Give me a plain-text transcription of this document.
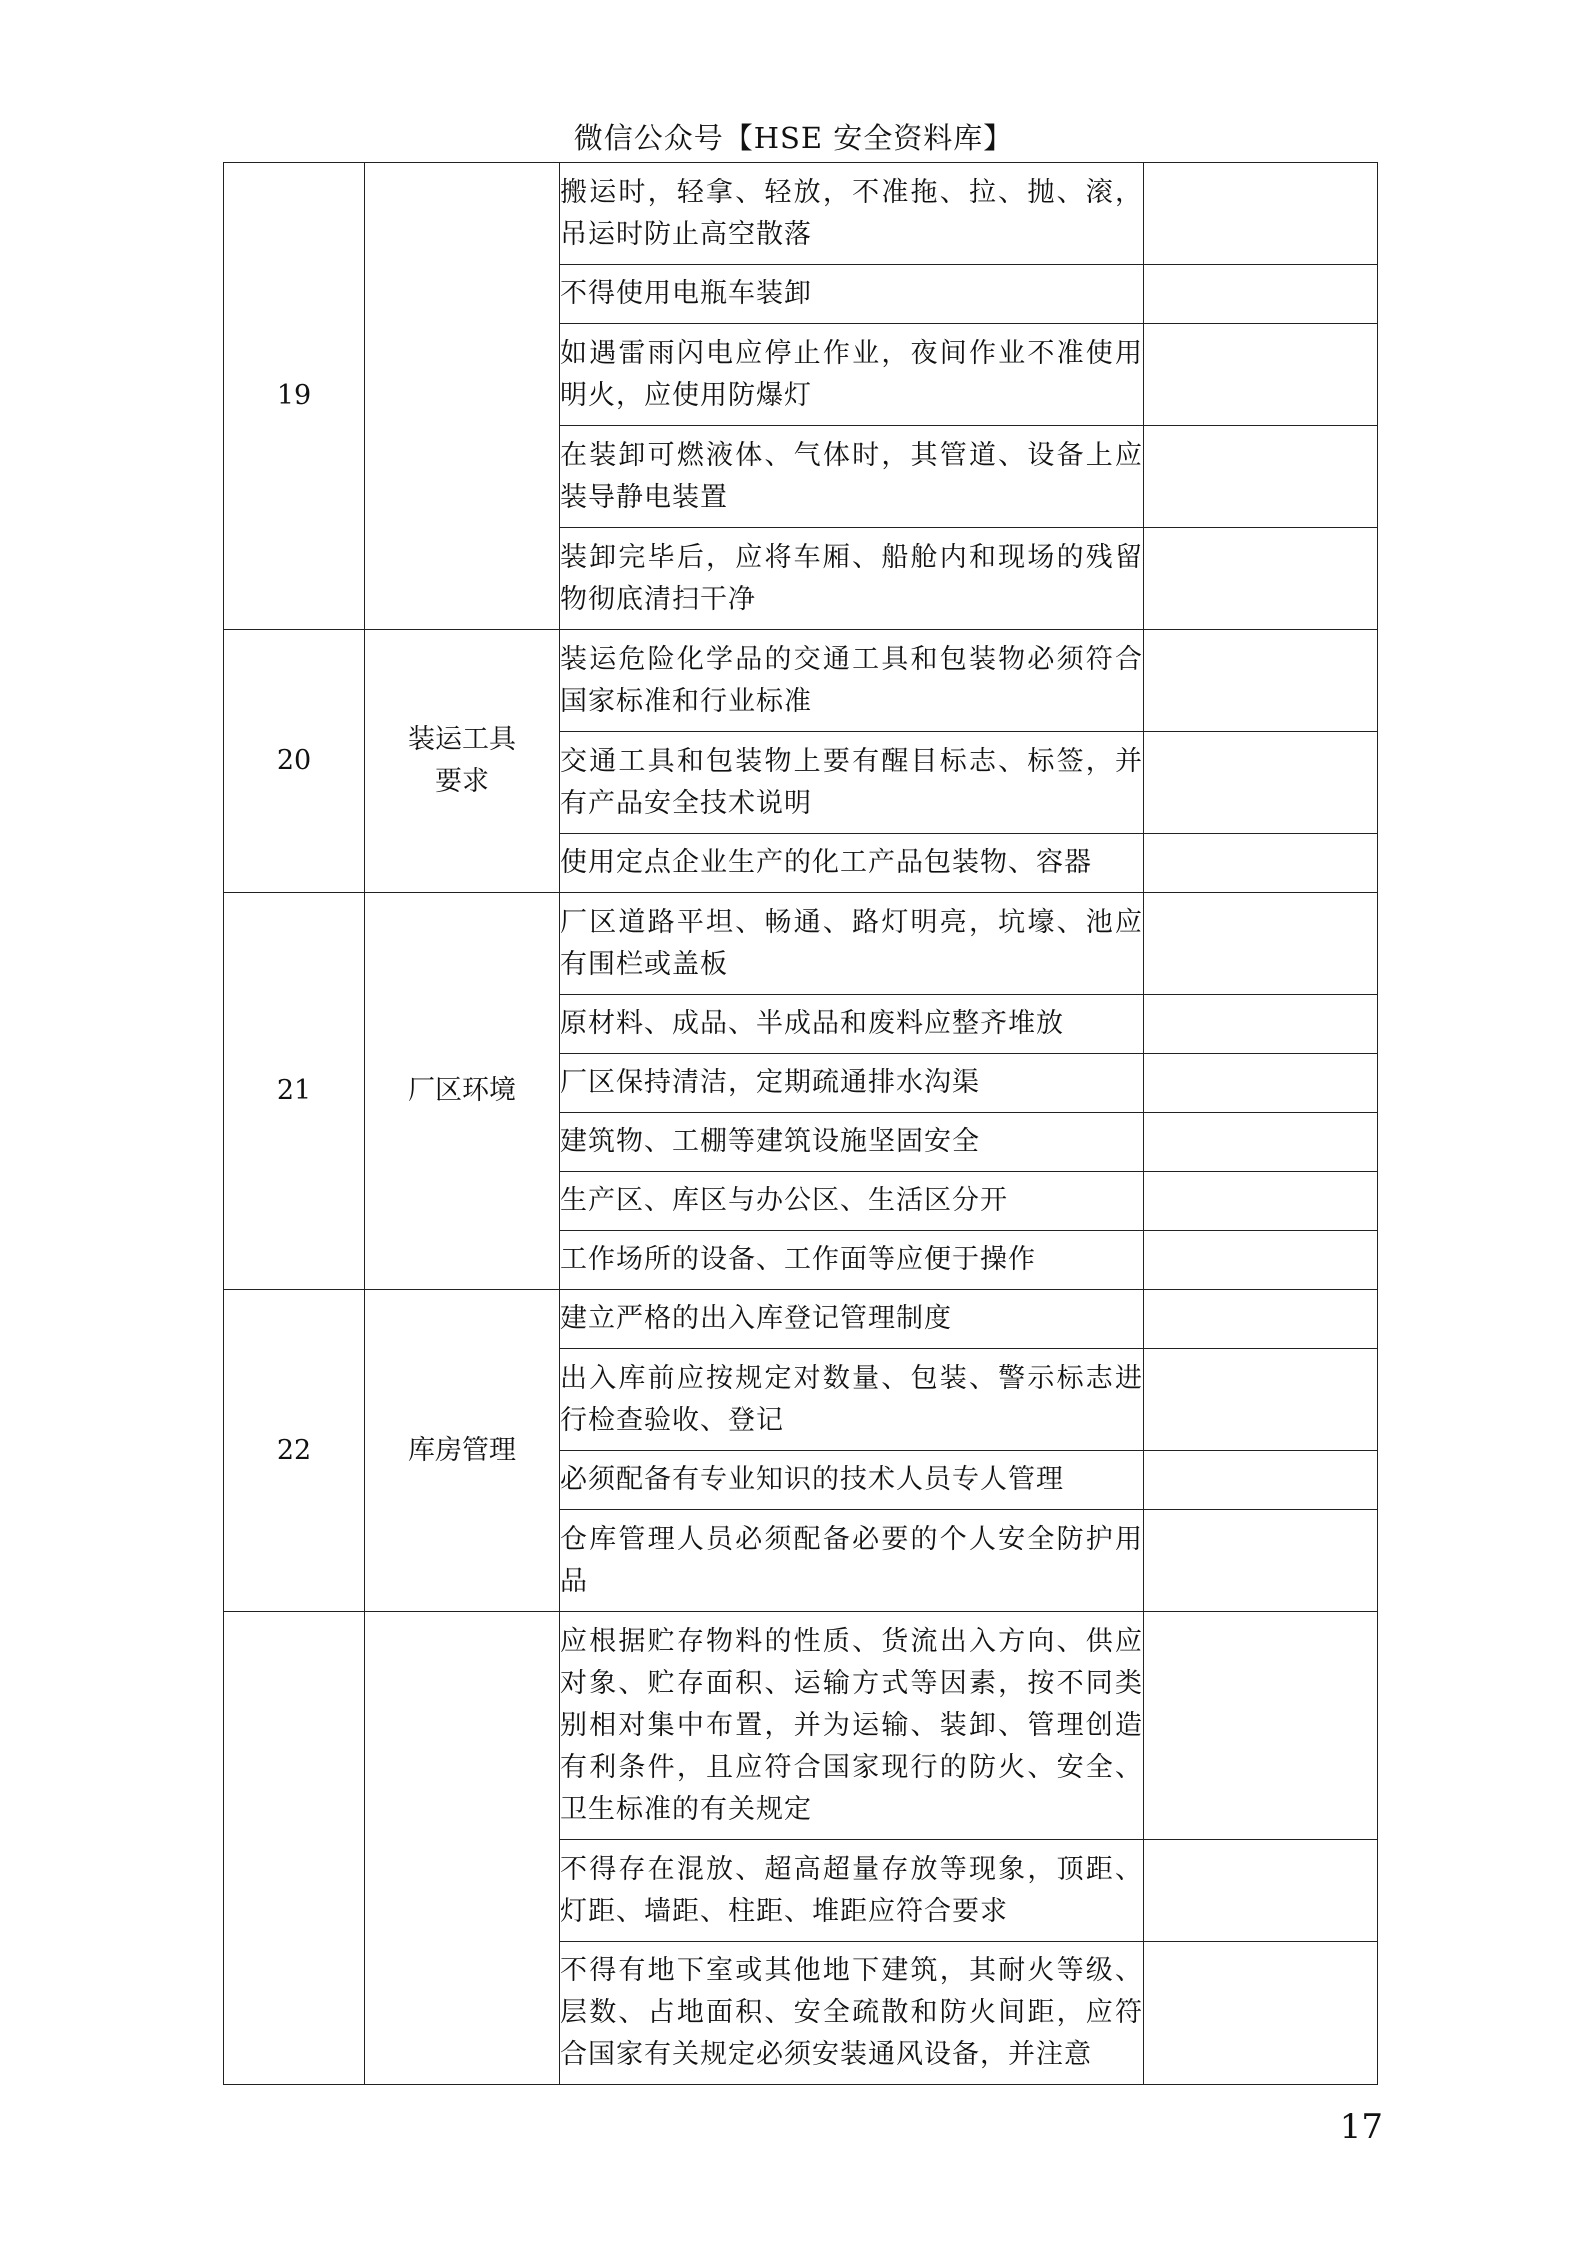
微信公众号【HSE 安全资料库】
19		搬运时，轻拿、轻放，不准拖、拉、抛、滚，吊运时防止高空散落	
		不得使用电瓶车装卸	
		如遇雷雨闪电应停止作业，夜间作业不准使用明火，应使用防爆灯	
		在装卸可燃液体、气体时，其管道、设备上应装导静电装置	
		装卸完毕后，应将车厢、船舱内和现场的残留物彻底清扫干净	
20	装运工具要求	装运危险化学品的交通工具和包装物必须符合国家标准和行业标准	
		交通工具和包装物上要有醒目标志、标签，并有产品安全技术说明	
		使用定点企业生产的化工产品包装物、容器	
21	厂区环境	厂区道路平坦、畅通、路灯明亮，坑壕、池应有围栏或盖板	
		原材料、成品、半成品和废料应整齐堆放	
		厂区保持清洁，定期疏通排水沟渠	
		建筑物、工棚等建筑设施坚固安全	
		生产区、库区与办公区、生活区分开	
		工作场所的设备、工作面等应便于操作	
22	库房管理	建立严格的出入库登记管理制度	
		出入库前应按规定对数量、包装、警示标志进行检查验收、登记	
		必须配备有专业知识的技术人员专人管理	
		仓库管理人员必须配备必要的个人安全防护用品	
		应根据贮存物料的性质、货流出入方向、供应对象、贮存面积、运输方式等因素，按不同类别相对集中布置，并为运输、装卸、管理创造有利条件，且应符合国家现行的防火、安全、卫生标准的有关规定	
		不得存在混放、超高超量存放等现象，顶距、灯距、墙距、柱距、堆距应符合要求	
		不得有地下室或其他地下建筑，其耐火等级、层数、占地面积、安全疏散和防火间距，应符合国家有关规定必须安装通风设备，并注意	
17
